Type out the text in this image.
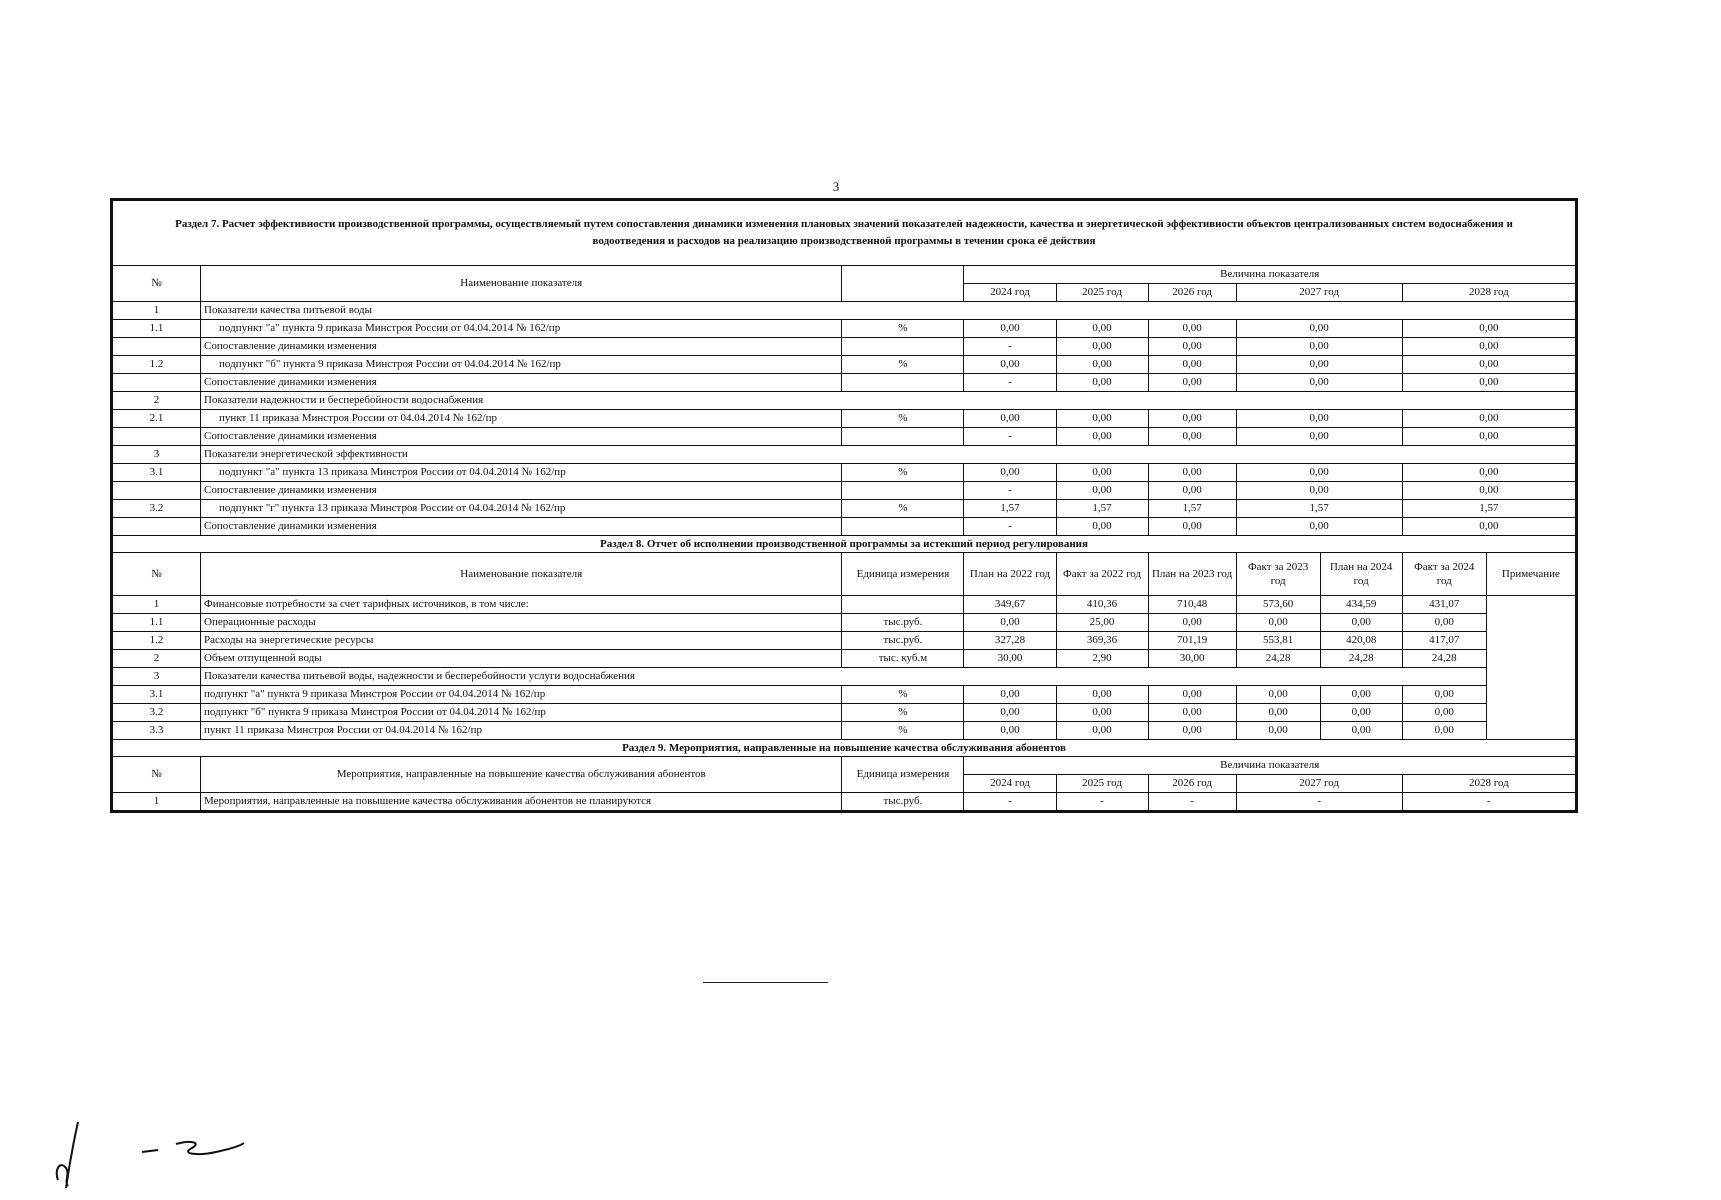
3
Раздел 7. Расчет эффективности производственной программы, осуществляемый путем сопоставления динамики изменения плановых значений показателей надежности, качества и энергетической эффективности объектов централизованных систем водоснабжения и водоотведения и расходов на реализацию производственной программы в течении срока её действия									
№	Наименование показателя		Величина показателя						
			2024 год	2025 год	2026 год	2027 год		2028 год	
1	Показатели качества питьевой воды								
1.1	подпункт "а" пункта 9 приказа Минстроя России от 04.04.2014 № 162/пр	%	0,00	0,00	0,00	0,00		0,00	
	Сопоставление динамики изменения		-	0,00	0,00	0,00		0,00	
1.2	подпункт "б" пункта 9 приказа Минстроя России от 04.04.2014 № 162/пр	%	0,00	0,00	0,00	0,00		0,00	
	Сопоставление динамики изменения		-	0,00	0,00	0,00		0,00	
2	Показатели надежности и бесперебойности водоснабжения								
2.1	пункт 11 приказа Минстроя России от 04.04.2014 № 162/пр	%	0,00	0,00	0,00	0,00		0,00	
	Сопоставление динамики изменения		-	0,00	0,00	0,00		0,00	
3	Показатели энергетической эффективности								
3.1	подпункт "а" пункта 13 приказа Минстроя России от 04.04.2014 № 162/пр	%	0,00	0,00	0,00	0,00		0,00	
	Сопоставление динамики изменения		-	0,00	0,00	0,00		0,00	
3.2	подпункт "г" пункта 13 приказа Минстроя России от 04.04.2014 № 162/пр	%	1,57	1,57	1,57	1,57		1,57	
	Сопоставление динамики изменения		-	0,00	0,00	0,00		0,00	
Раздел 8. Отчет об исполнении производственной программы за истекший период регулирования									
№	Наименование показателя	Единица измерения	План на 2022 год	Факт за 2022 год	План на 2023 год	Факт за 2023 год	План на 2024 год	Факт за 2024 год	Примечание
1	Финансовые потребности за счет тарифных источников, в том числе:		349,67	410,36	710,48	573,60	434,59	431,07	
1.1	Операционные расходы	тыс.руб.	0,00	25,00	0,00	0,00	0,00	0,00	
1.2	Расходы на энергетические ресурсы	тыс.руб.	327,28	369,36	701,19	553,81	420,08	417,07	
2	Объем отпущенной воды	тыс. куб.м	30,00	2,90	30,00	24,28	24,28	24,28	
3	Показатели качества питьевой воды, надежности и бесперебойности услуги водоснабжения								
3.1	подпункт "а" пункта 9 приказа Минстроя России от 04.04.2014 № 162/пр	%	0,00	0,00	0,00	0,00	0,00	0,00	
3.2	подпункт "б" пункта 9 приказа Минстроя России от 04.04.2014 № 162/пр	%	0,00	0,00	0,00	0,00	0,00	0,00	
3.3	пункт 11 приказа Минстроя России от 04.04.2014 № 162/пр	%	0,00	0,00	0,00	0,00	0,00	0,00	
Раздел 9. Мероприятия, направленные на повышение качества обслуживания абонентов									
№	Мероприятия, направленные на повышение качества обслуживания абонентов	Единица измерения	Величина показателя						
			2024 год	2025 год	2026 год	2027 год		2028 год	
1	Мероприятия, направленные на повышение качества обслуживания абонентов не планируются	тыс.руб.	-	-	-	-		-	
